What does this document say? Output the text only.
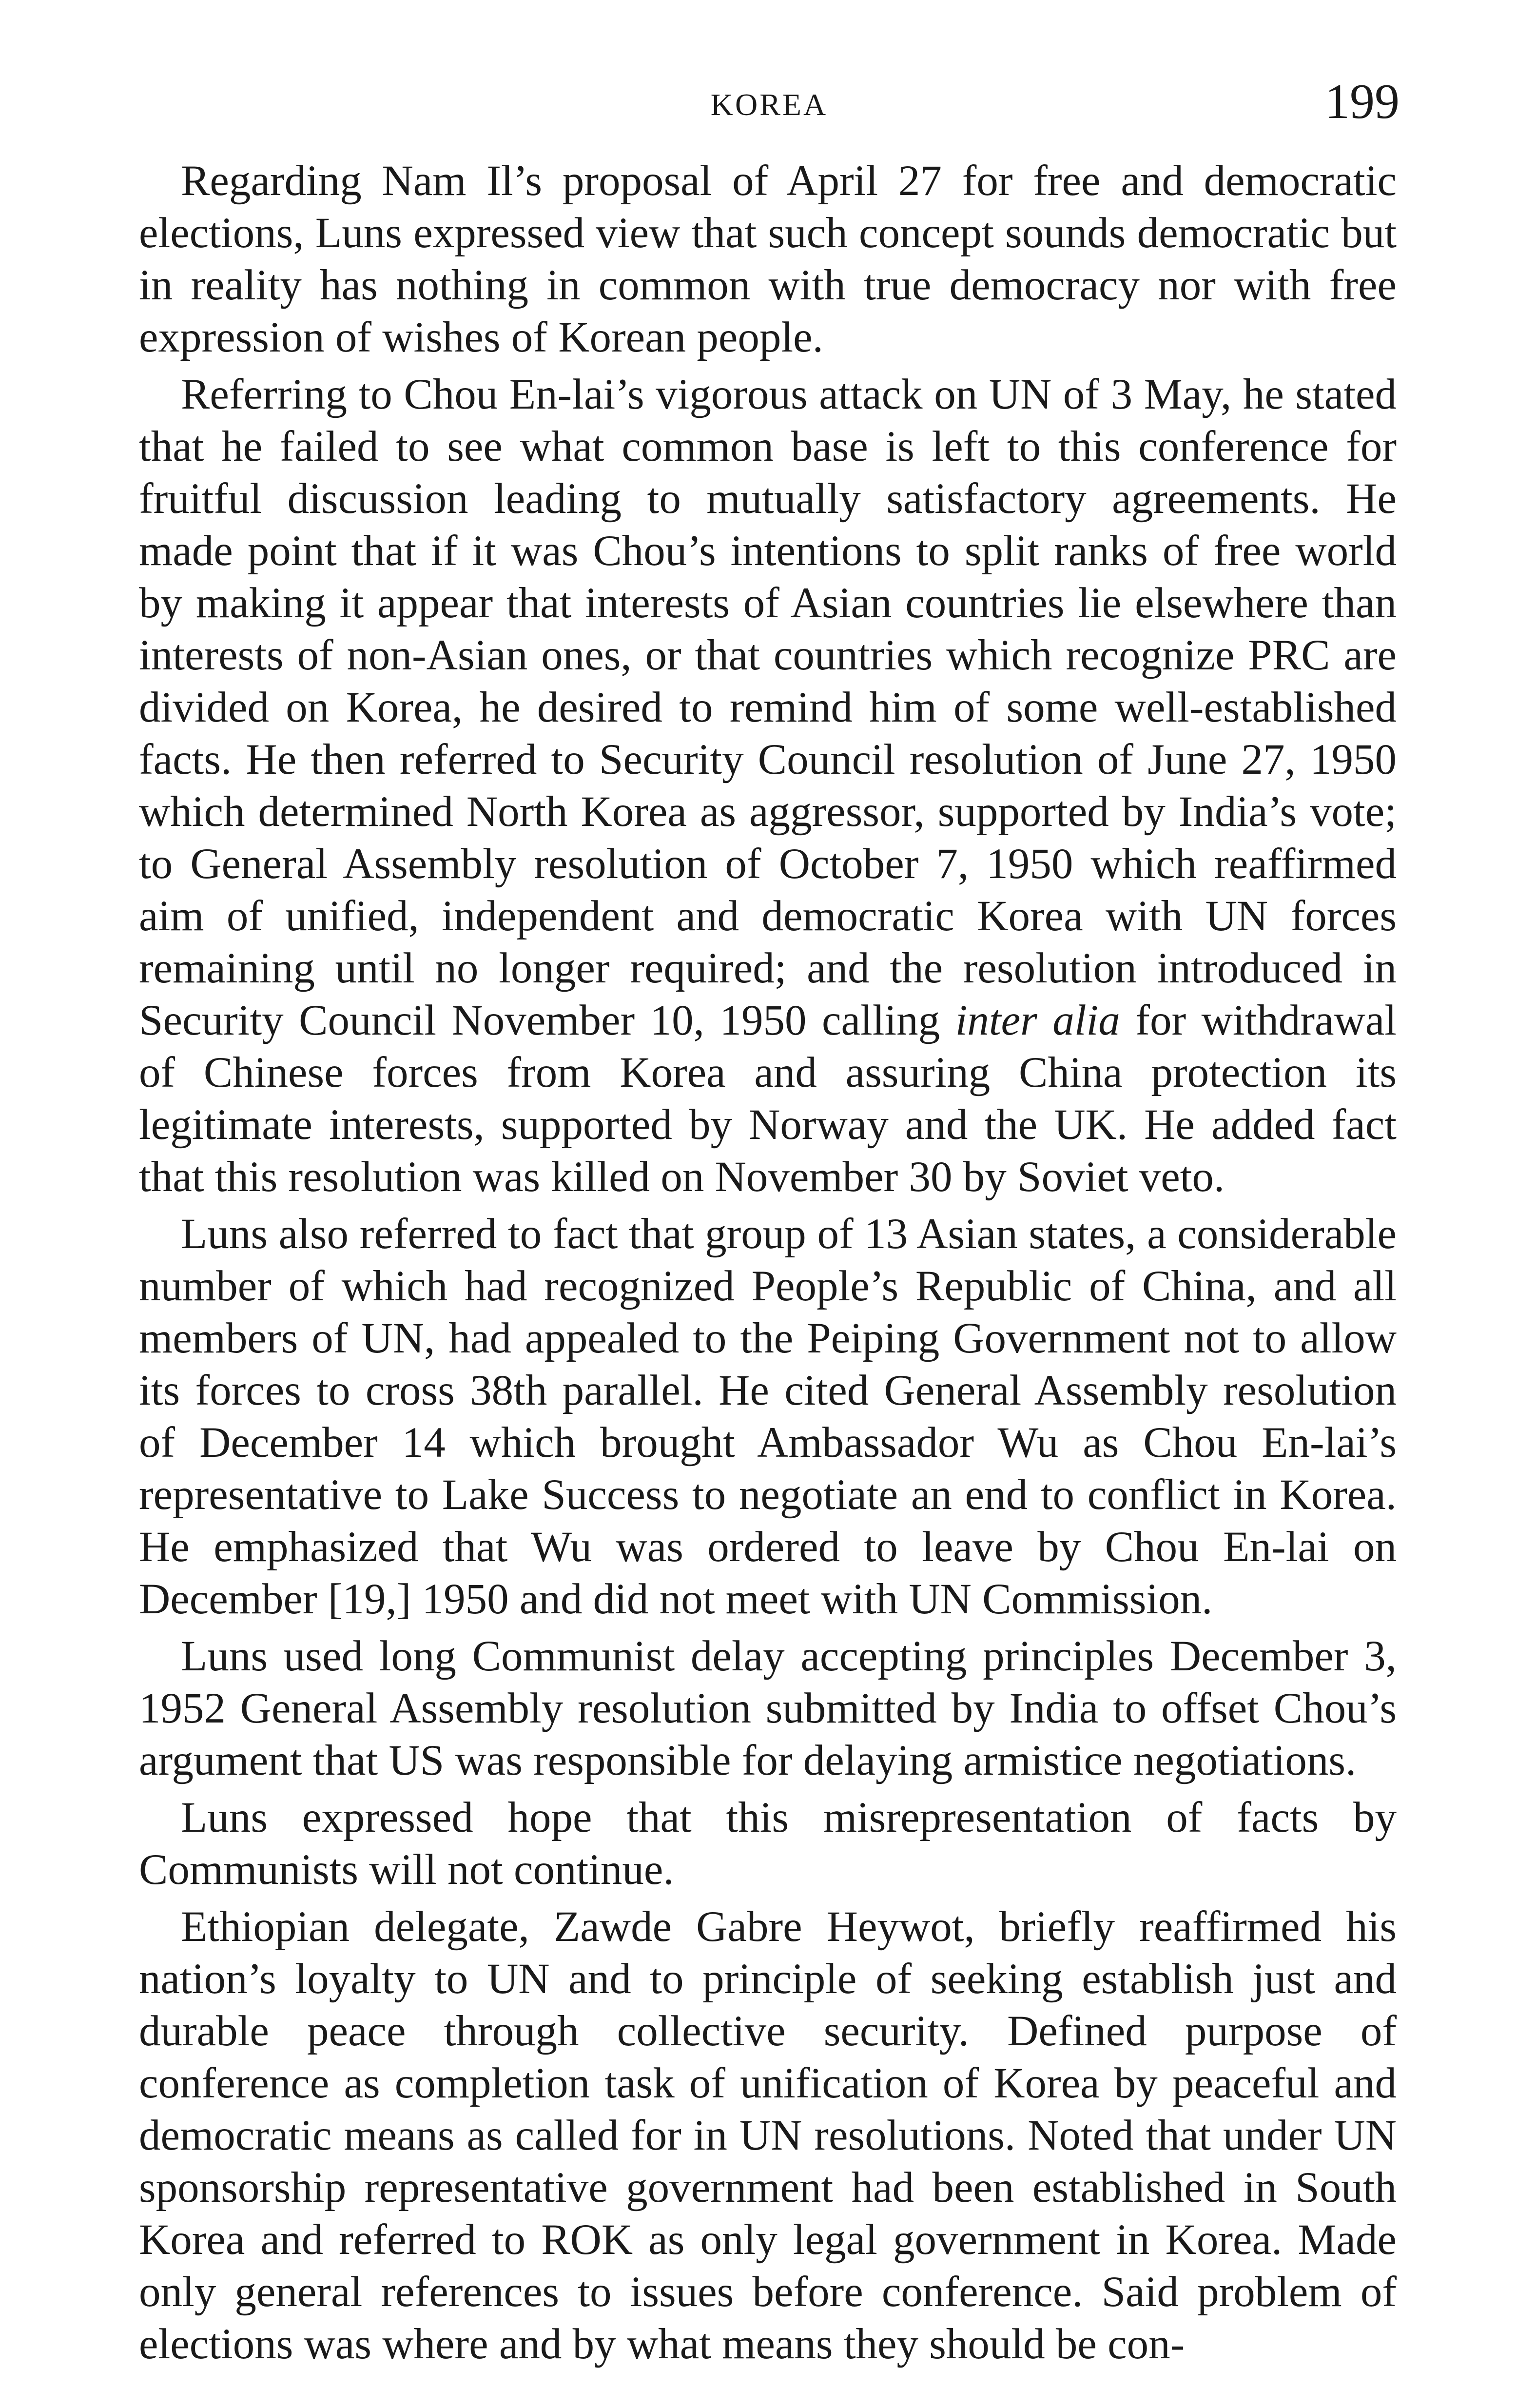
KOREA	199

Regarding Nam Il’s proposal of April 27 for free and democratic elections, Luns expressed view that such concept sounds democratic but in reality has nothing in common with true democracy nor with free expression of wishes of Korean people.

Referring to Chou En-lai’s vigorous attack on UN of 3 May, he stated that he failed to see what common base is left to this conference for fruitful discussion leading to mutually satisfactory agreements. He made point that if it was Chou’s intentions to split ranks of free world by making it appear that interests of Asian countries lie elsewhere than interests of non-Asian ones, or that countries which recognize PRC are divided on Korea, he desired to remind him of some well-established facts. He then referred to Security Council resolution of June 27, 1950 which determined North Korea as aggressor, supported by India’s vote; to General Assembly resolution of October 7, 1950 which reaffirmed aim of unified, independent and democratic Korea with UN forces remaining until no longer required; and the resolution introduced in Security Council November 10, 1950 calling inter alia for withdrawal of Chinese forces from Korea and assuring China protection its legitimate interests, supported by Norway and the UK. He added fact that this resolution was killed on November 30 by Soviet veto.

Luns also referred to fact that group of 13 Asian states, a considerable number of which had recognized People’s Republic of China, and all members of UN, had appealed to the Peiping Government not to allow its forces to cross 38th parallel. He cited General Assembly resolution of December 14 which brought Ambassador Wu as Chou En-lai’s representative to Lake Success to negotiate an end to conflict in Korea. He emphasized that Wu was ordered to leave by Chou En-lai on December [19,] 1950 and did not meet with UN Commission.

Luns used long Communist delay accepting principles December 3, 1952 General Assembly resolution submitted by India to offset Chou’s argument that US was responsible for delaying armistice negotiations.

Luns expressed hope that this misrepresentation of facts by Communists will not continue.

Ethiopian delegate, Zawde Gabre Heywot, briefly reaffirmed his nation’s loyalty to UN and to principle of seeking establish just and durable peace through collective security. Defined purpose of conference as completion task of unification of Korea by peaceful and democratic means as called for in UN resolutions. Noted that under UN sponsorship representative government had been established in South Korea and referred to ROK as only legal government in Korea. Made only general references to issues before conference. Said problem of elections was where and by what means they should be con-
